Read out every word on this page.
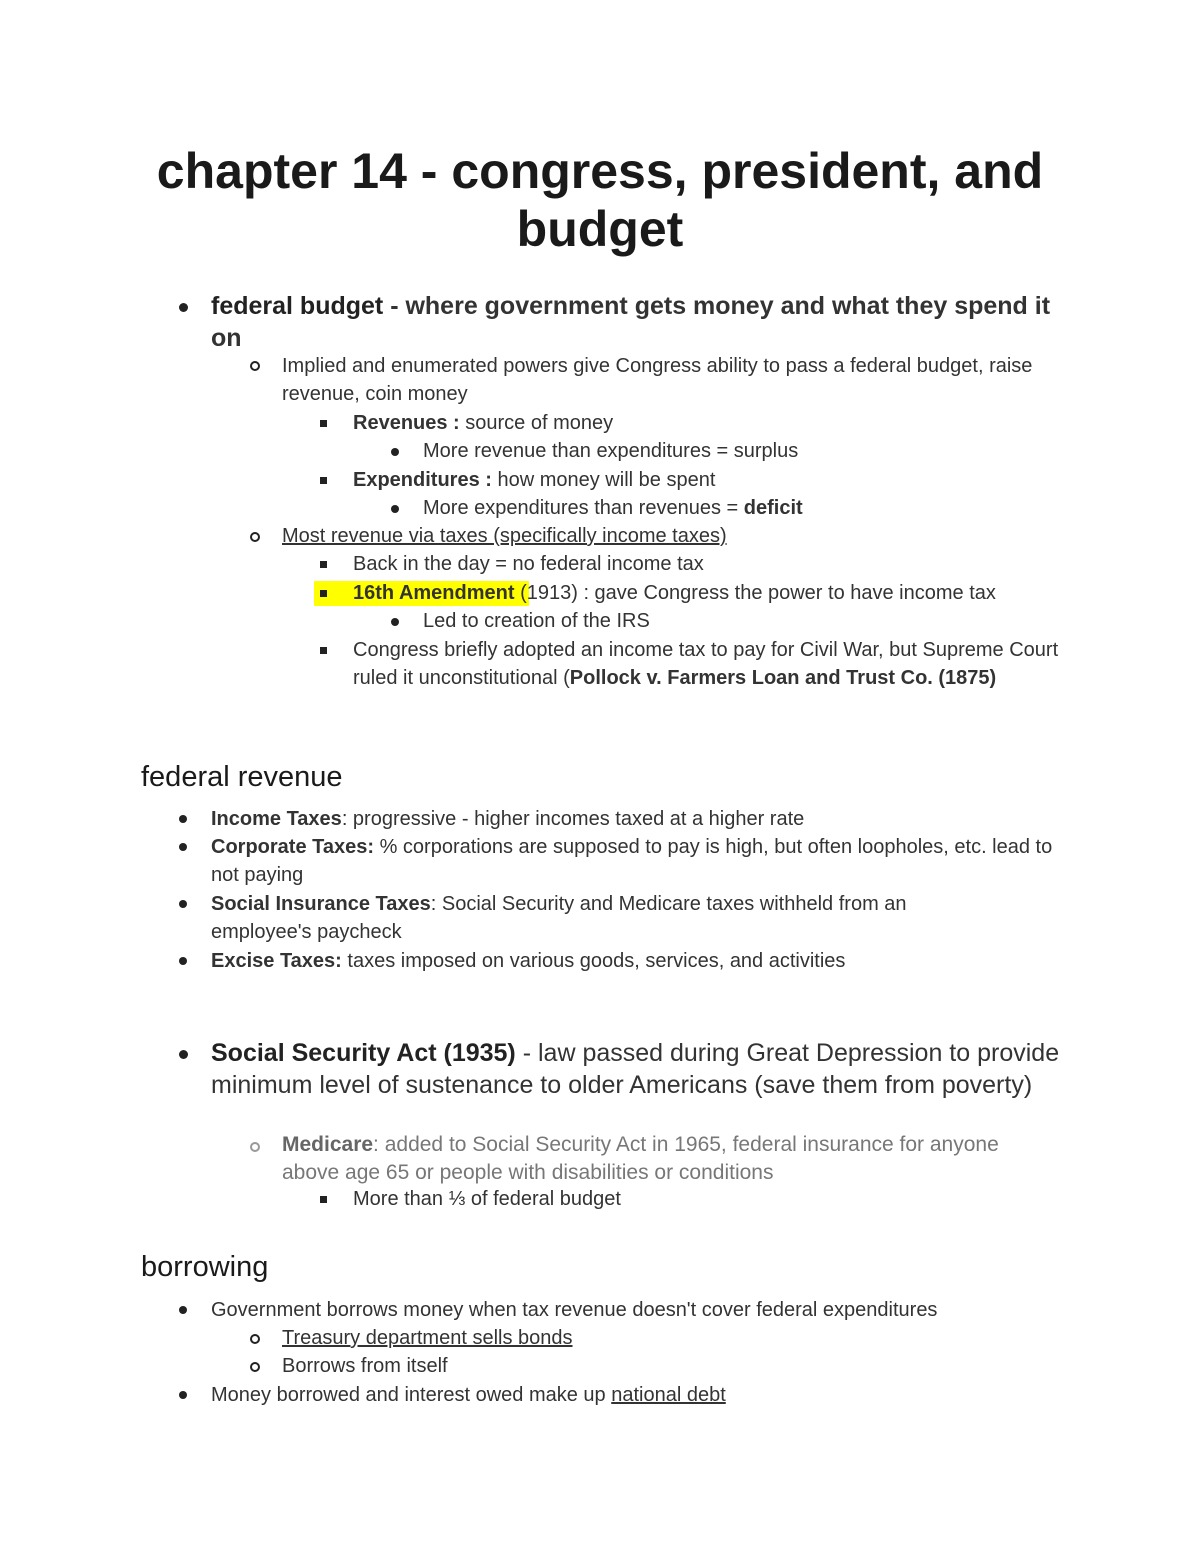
chapter 14 - congress, president, and budget
federal budget - where government gets money and what they spend it on
Implied and enumerated powers give Congress ability to pass a federal budget, raise revenue, coin money
Revenues : source of money
More revenue than expenditures = surplus
Expenditures : how money will be spent
More expenditures than revenues = deficit
Most revenue via taxes (specifically income taxes)
Back in the day = no federal income tax
16th Amendment (1913) : gave Congress the power to have income tax
Led to creation of the IRS
Congress briefly adopted an income tax to pay for Civil War, but Supreme Court ruled it unconstitutional (Pollock v. Farmers Loan and Trust Co. (1875)
federal revenue
Income Taxes: progressive - higher incomes taxed at a higher rate
Corporate Taxes: % corporations are supposed to pay is high, but often loopholes, etc. lead to not paying
Social Insurance Taxes: Social Security and Medicare taxes withheld from an employee's paycheck
Excise Taxes: taxes imposed on various goods, services, and activities
Social Security Act (1935) - law passed during Great Depression to provide minimum level of sustenance to older Americans (save them from poverty)
Medicare: added to Social Security Act in 1965, federal insurance for anyone above age 65 or people with disabilities or conditions
More than ⅓ of federal budget
borrowing
Government borrows money when tax revenue doesn't cover federal expenditures
Treasury department sells bonds
Borrows from itself
Money borrowed and interest owed make up national debt
